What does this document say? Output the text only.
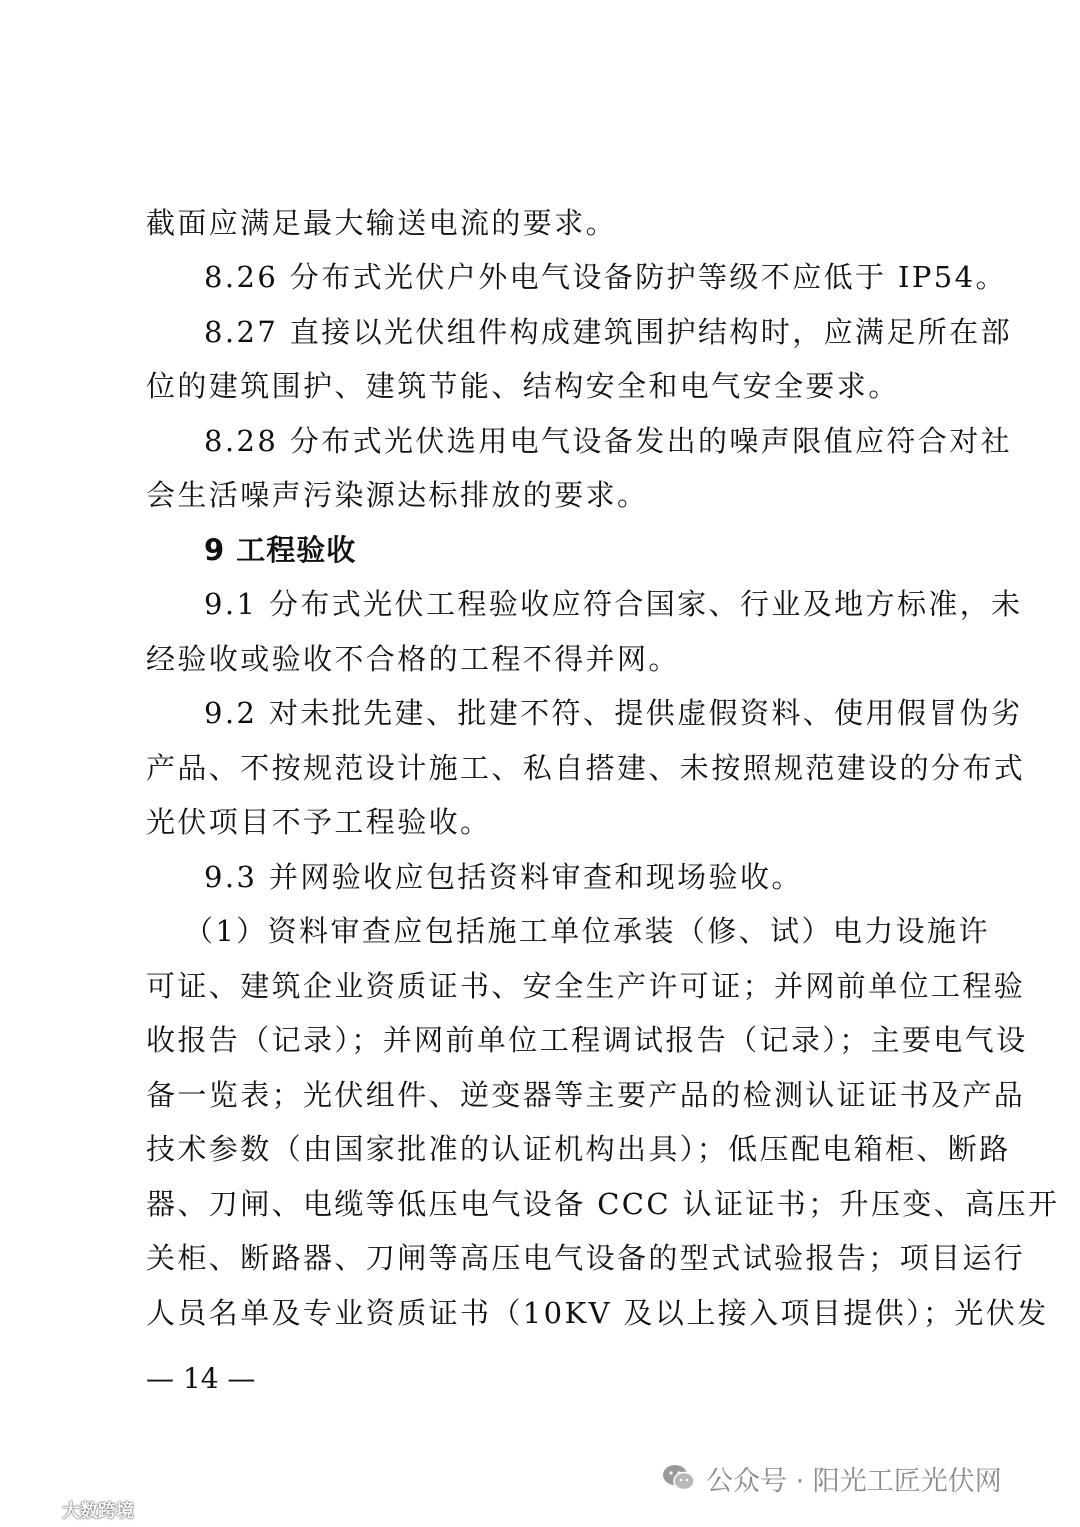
截面应满足最大输送电流的要求。
8.26 分布式光伏户外电气设备防护等级不应低于 IP54。
8.27 直接以光伏组件构成建筑围护结构时，应满足所在部
位的建筑围护、建筑节能、结构安全和电气安全要求。
8.28 分布式光伏选用电气设备发出的噪声限值应符合对社
会生活噪声污染源达标排放的要求。
9 工程验收
9.1 分布式光伏工程验收应符合国家、行业及地方标准，未
经验收或验收不合格的工程不得并网。
9.2 对未批先建、批建不符、提供虚假资料、使用假冒伪劣
产品、不按规范设计施工、私自搭建、未按照规范建设的分布式
光伏项目不予工程验收。
9.3 并网验收应包括资料审查和现场验收。
（1）资料审查应包括施工单位承装（修、试）电力设施许
可证、建筑企业资质证书、安全生产许可证；并网前单位工程验
收报告（记录）；并网前单位工程调试报告（记录）；主要电气设
备一览表；光伏组件、逆变器等主要产品的检测认证证书及产品
技术参数（由国家批准的认证机构出具）；低压配电箱柜、断路
器、刀闸、电缆等低压电气设备 CCC 认证证书；升压变、高压开
关柜、断路器、刀闸等高压电气设备的型式试验报告；项目运行
人员名单及专业资质证书（10KV 及以上接入项目提供）；光伏发
— 14 —
公众号 · 阳光工匠光伏网
大数跨境
